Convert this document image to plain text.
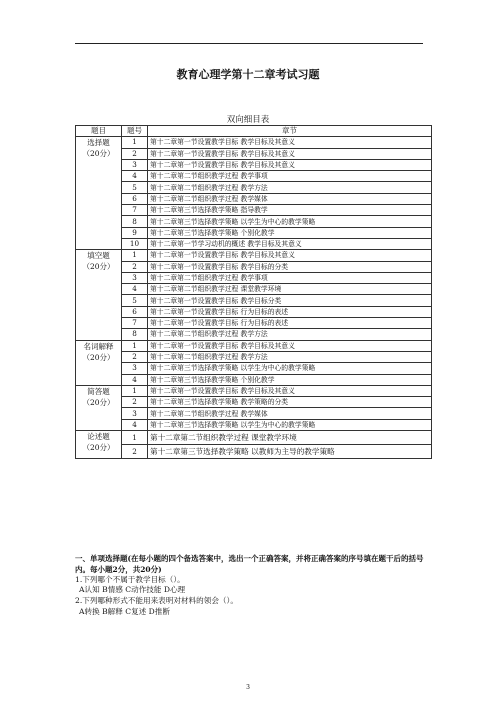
教育心理学第十二章考试习题
双向细目表
题目	题号	章节

选择题
（20分）	1	第十二章第一节设置教学目标 教学目标及其意义
	2	第十二章第一节设置教学目标 教学目标及其意义
	3	第十二章第一节设置教学目标 教学目标及其意义
	4	第十二章第二节组织教学过程 教学事项
	5	第十二章第二节组织教学过程 教学方法
	6	第十二章第二节组织教学过程 教学媒体
	7	第十二章第三节选择教学策略 指导教学
	8	第十二章第三节选择教学策略 以学生为中心的教学策略
	9	第十二章第三节选择教学策略 个别化教学
	10	第十二章第一节学习动机的概述 教学目标及其意义

填空题
（20分）	1	第十二章第一节设置教学目标 教学目标及其意义
	2	第十二章第一节设置教学目标 教学目标的分类
	3	第十二章第二节组织教学过程 教学事项
	4	第十二章第二节组织教学过程 课堂教学环境
	5	第十二章第一节设置教学目标 教学目标分类
	6	第十二章第一节设置教学目标 行为目标的表述
	7	第十二章第一节设置教学目标 行为目标的表述
	8	第十二章第二节组织教学过程 教学方法

名词解释
（20分）	1	第十二章第一节设置教学目标 教学目标及其意义
	2	第十二章第二节组织教学过程 教学方法
	3	第十二章第三节选择教学策略 以学生为中心的教学策略
	4	第十二章第三节选择教学策略 个别化教学

简答题
（20分）	1	第十二章第一节设置教学目标 教学目标及其意义
	2	第十二章第三节选择教学策略 教学策略的分类
	3	第十二章第二节组织教学过程 教学媒体
	4	第十二章第三节选择教学策略 以学生为中心的教学策略

论述题
（20分）	1	第十二章第二节组织教学过程 课堂教学环境
	2	第十二章第三节选择教学策略 以教师为主导的教学策略
一、单项选择题(在每小题的四个备选答案中，选出一个正确答案，并将正确答案的序号填在题干后的括号内。每小题2分，共20分)
1.下列哪个不属于教学目标（）。
A认知 B情感 C动作技能 D心理
2.下列哪种形式不能用来表明对材料的领会（）。
A转换 B解释 C复述 D推断
3
